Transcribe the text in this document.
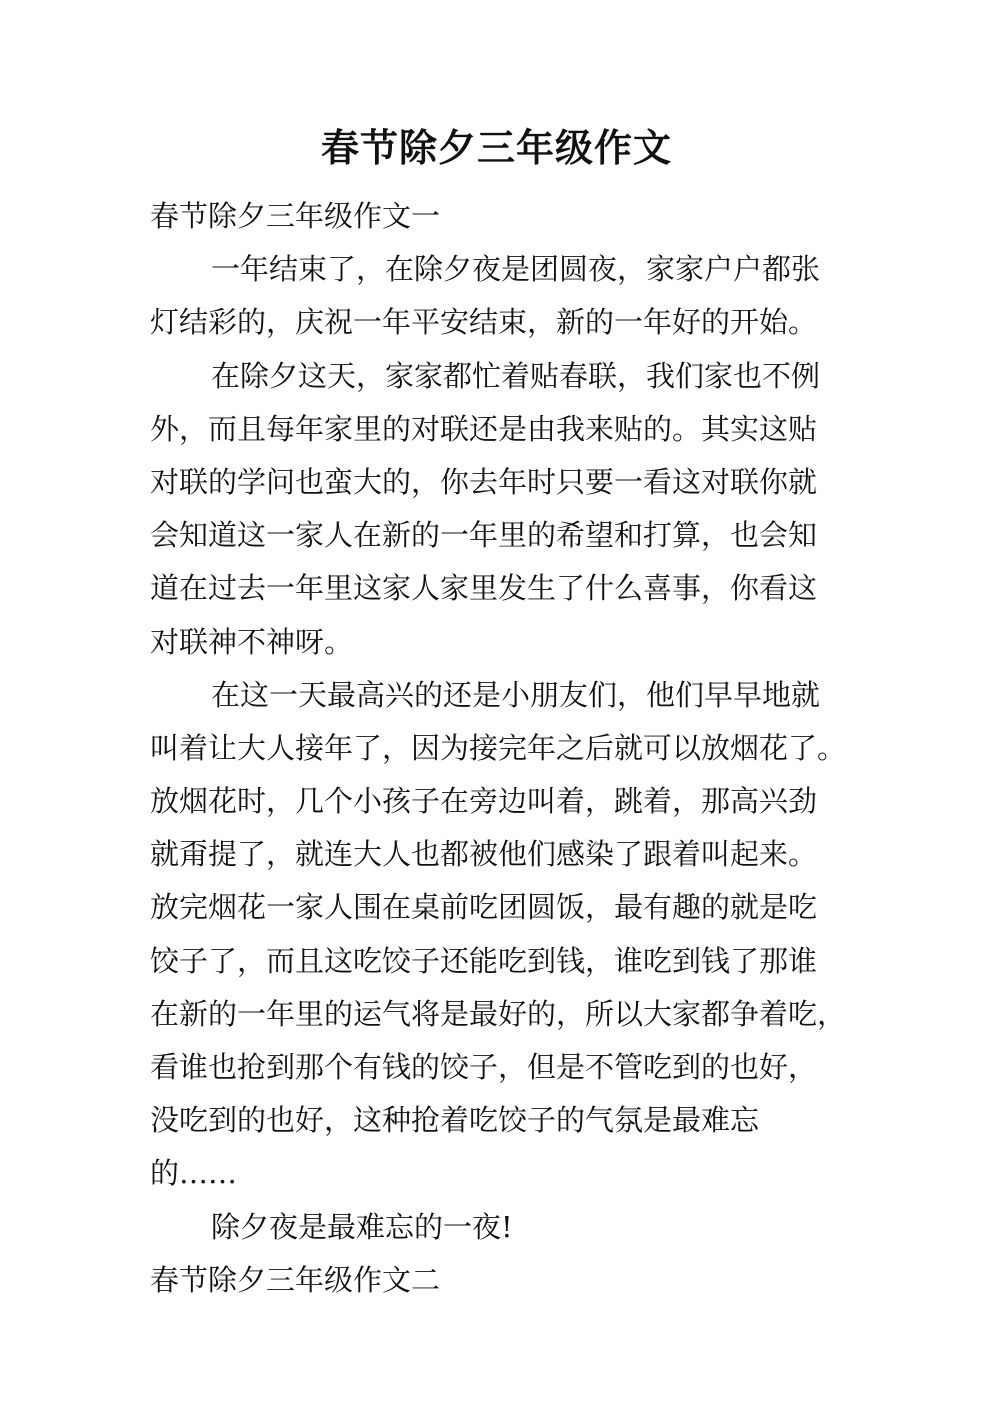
春节除夕三年级作文
春节除夕三年级作文一
一年结束了，在除夕夜是团圆夜，家家户户都张
灯结彩的，庆祝一年平安结束，新的一年好的开始。
在除夕这天，家家都忙着贴春联，我们家也不例
外，而且每年家里的对联还是由我来贴的。其实这贴
对联的学问也蛮大的，你去年时只要一看这对联你就
会知道这一家人在新的一年里的希望和打算，也会知
道在过去一年里这家人家里发生了什么喜事，你看这
对联神不神呀。
在这一天最高兴的还是小朋友们，他们早早地就
叫着让大人接年了，因为接完年之后就可以放烟花了。
放烟花时，几个小孩子在旁边叫着，跳着，那高兴劲
就甭提了，就连大人也都被他们感染了跟着叫起来。
放完烟花一家人围在桌前吃团圆饭，最有趣的就是吃
饺子了，而且这吃饺子还能吃到钱，谁吃到钱了那谁
在新的一年里的运气将是最好的，所以大家都争着吃，
看谁也抢到那个有钱的饺子，但是不管吃到的也好，
没吃到的也好，这种抢着吃饺子的气氛是最难忘
的……
除夕夜是最难忘的一夜!
春节除夕三年级作文二
